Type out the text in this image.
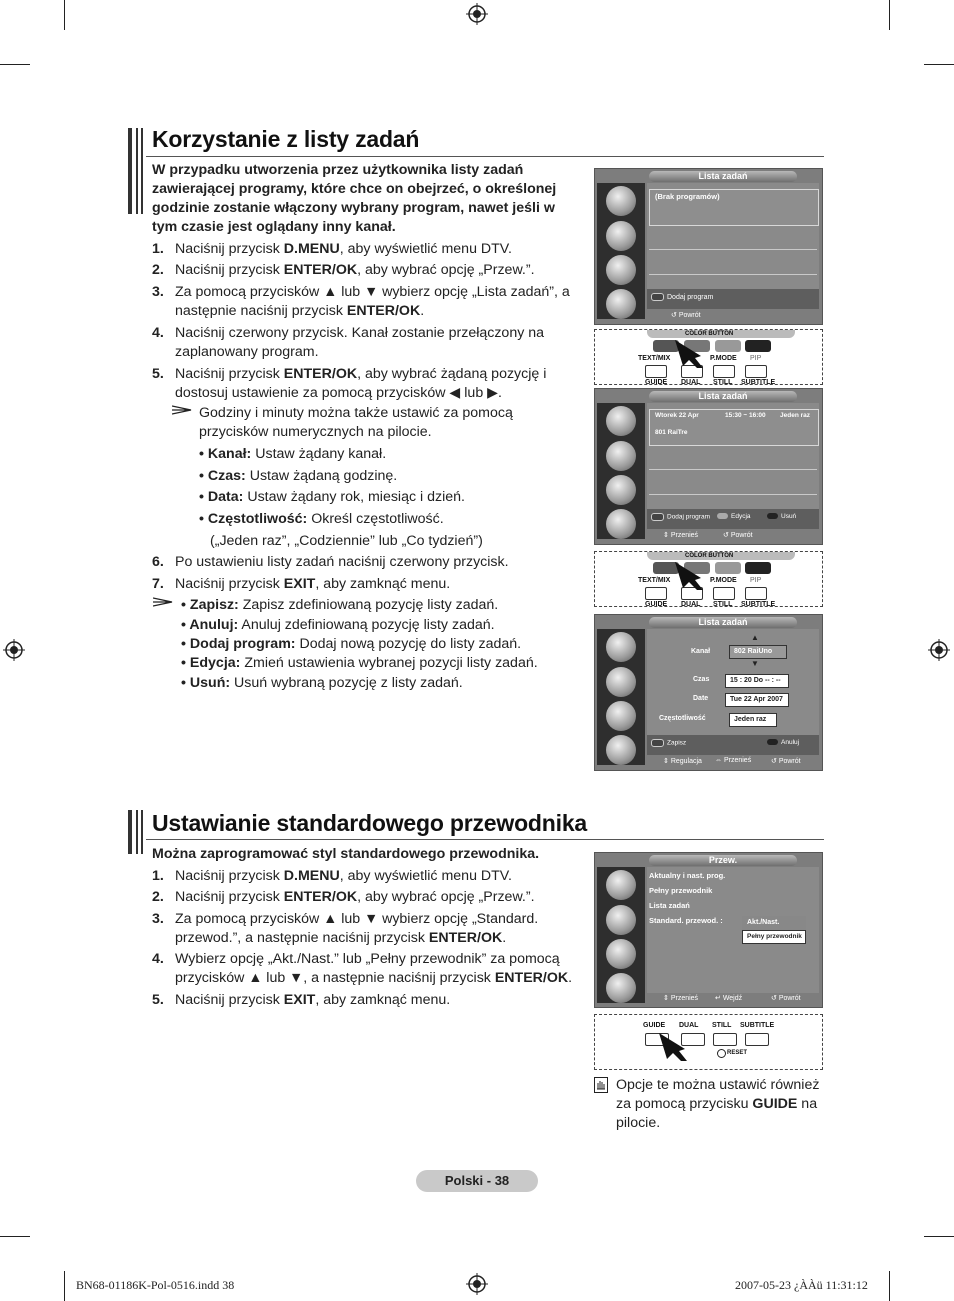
Korzystanie z listy zadań
W przypadku utworzenia przez użytkownika listy zadań zawierającej programy, które chce on obejrzeć, o określonej godzinie zostanie włączony wybrany program, nawet jeśli w tym czasie jest oglądany inny kanał.
1. Naciśnij przycisk D.MENU, aby wyświetlić menu DTV.
2. Naciśnij przycisk ENTER/OK, aby wybrać opcję „Przew.”.
3. Za pomocą przycisków ▲ lub ▼ wybierz opcję „Lista zadań”, a następnie naciśnij przycisk ENTER/OK.
4. Naciśnij czerwony przycisk. Kanał zostanie przełączony na zaplanowany program.
5. Naciśnij przycisk ENTER/OK, aby wybrać żądaną pozycję i dostosuj ustawienie za pomocą przycisków ◀ lub ▶.
Godziny i minuty można także ustawić za pomocą przycisków numerycznych na pilocie.
• Kanał: Ustaw żądany kanał.
• Czas: Ustaw żądaną godzinę.
• Data: Ustaw żądany rok, miesiąc i dzień.
• Częstotliwość: Określ częstotliwość.
(„Jeden raz”, „Codziennie” lub „Co tydzień”)
6. Po ustawieniu listy zadań naciśnij czerwony przycisk.
7. Naciśnij przycisk EXIT, aby zamknąć menu.
• Zapisz: Zapisz zdefiniowaną pozycję listy zadań.
• Anuluj: Anuluj zdefiniowaną pozycję listy zadań.
• Dodaj program: Dodaj nową pozycję do listy zadań.
• Edycja: Zmień ustawienia wybranej pozycji listy zadań.
• Usuń: Usuń wybraną pozycję z listy zadań.
Lista zadań
(Brak programów)
Dodaj program
↺ Powrót
COLOR BUTTON
TEXT/MIX	P.MODE PIP
GUIDE DUAL STILL SUBTITLE
Lista zadań
Wtorek 22 Apr	15:30 ~ 16:00 Jeden raz
801 RaiTre
Dodaj program	Edycja	Usuń
⇕ Przenieś	↺ Powrót
COLOR BUTTON
TEXT/MIX	P.MODE PIP
GUIDE DUAL STILL SUBTITLE
Lista zadań
▲
Kanał	802 RaiUno
▼
Czas	15 : 20 Do -- : --
Date	Tue 22 Apr 2007
Częstotliwość	Jeden raz
Zapisz	Anuluj
⇕ Regulacja ⇔ Przenieś	↺ Powrót
Ustawianie standardowego przewodnika
Można zaprogramować styl standardowego przewodnika.
1. Naciśnij przycisk D.MENU, aby wyświetlić menu DTV.
2. Naciśnij przycisk ENTER/OK, aby wybrać opcję „Przew.”.
3. Za pomocą przycisków ▲ lub ▼ wybierz opcję „Standard. przewod.”, a następnie naciśnij przycisk ENTER/OK.
4. Wybierz opcję „Akt./Nast.” lub „Pełny przewodnik” za pomocą przycisków ▲ lub ▼, a następnie naciśnij przycisk ENTER/OK.
5. Naciśnij przycisk EXIT, aby zamknąć menu.
Przew.
Aktualny i nast. prog.
Pełny przewodnik
Lista zadań
Standard. przewod. :	Akt./Nast.
Pełny przewodnik
⇕ Przenieś ↵ Wejdź	↺ Powrót
GUIDE DUAL STILL SUBTITLE
RESET
Opcje te można ustawić również za pomocą przycisku GUIDE na pilocie.
Polski - 38
BN68-01186K-Pol-0516.indd 38	2007-05-23 ¿ÀÀü 11:31:12
